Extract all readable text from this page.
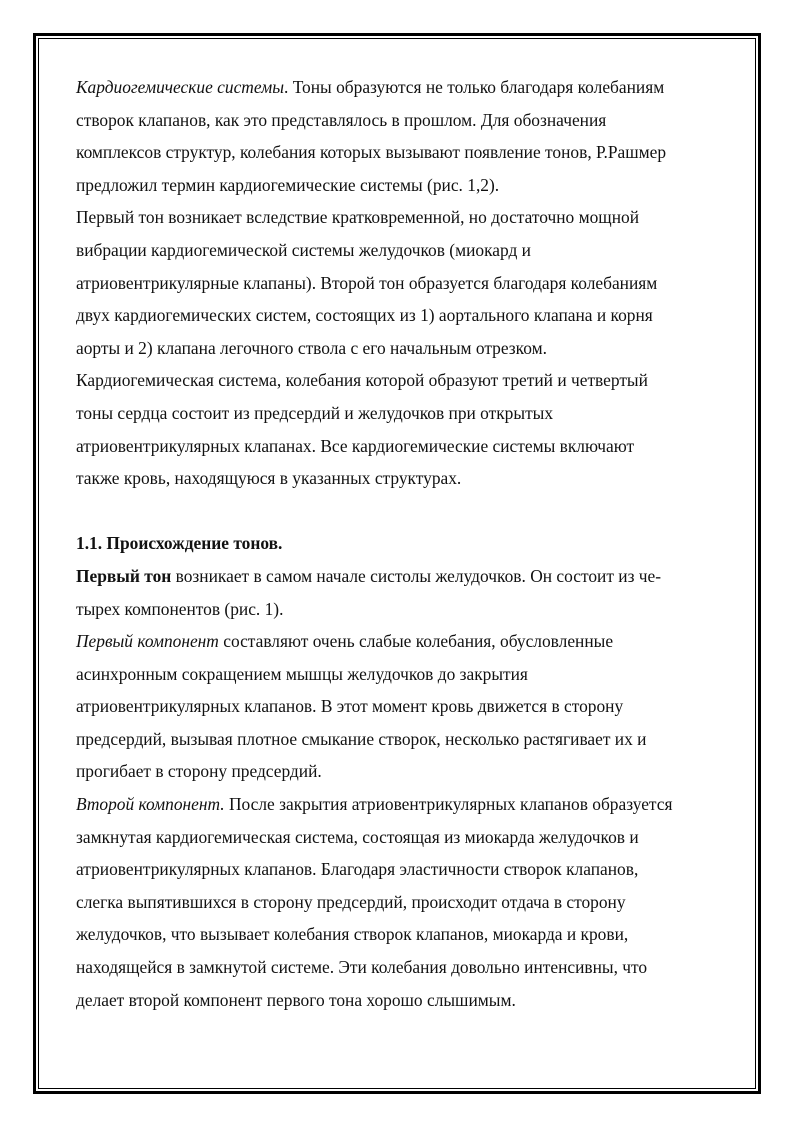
Кардиогемические системы. Тоны образуются не только благодаря колебаниям
створок клапанов, как это представлялось в прошлом. Для обозначения
комплексов структур, колебания которых вызывают появление тонов, Р.Рашмер
предложил термин кардиогемические системы (рис. 1,2).
Первый тон возникает вследствие кратковременной, но достаточно мощной
вибрации кардиогемической системы желудочков (миокард и
атриовентрикулярные клапаны). Второй тон образуется благодаря колебаниям
двух кардиогемических систем, состоящих из 1) аортального клапана и корня
аорты и 2) клапана легочного ствола с его начальным отрезком.
Кардиогемическая система, колебания которой образуют третий и четвертый
тоны сердца состоит из предсердий и желудочков при открытых
атриовентрикулярных клапанах. Все кардиогемические системы включают
также кровь, находящуюся в указанных структурах.
1.1. Происхождение тонов.
Первый тон возникает в самом начале систолы желудочков. Он состоит из че-
тырех компонентов (рис. 1).
Первый компонент составляют очень слабые колебания, обусловленные
асинхронным сокращением мышцы желудочков до закрытия
атриовентрикулярных клапанов. В этот момент кровь движется в сторону
предсердий, вызывая плотное смыкание створок, несколько растягивает их и
прогибает в сторону предсердий.
Второй компонент. После закрытия атриовентрикулярных клапанов образуется
замкнутая кардиогемическая система, состоящая из миокарда желудочков и
атриовентрикулярных клапанов. Благодаря эластичности створок клапанов,
слегка выпятившихся в сторону предсердий, происходит отдача в сторону
желудочков, что вызывает колебания створок клапанов, миокарда и крови,
находящейся в замкнутой системе. Эти колебания довольно интенсивны, что
делает второй компонент первого тона хорошо слышимым.
